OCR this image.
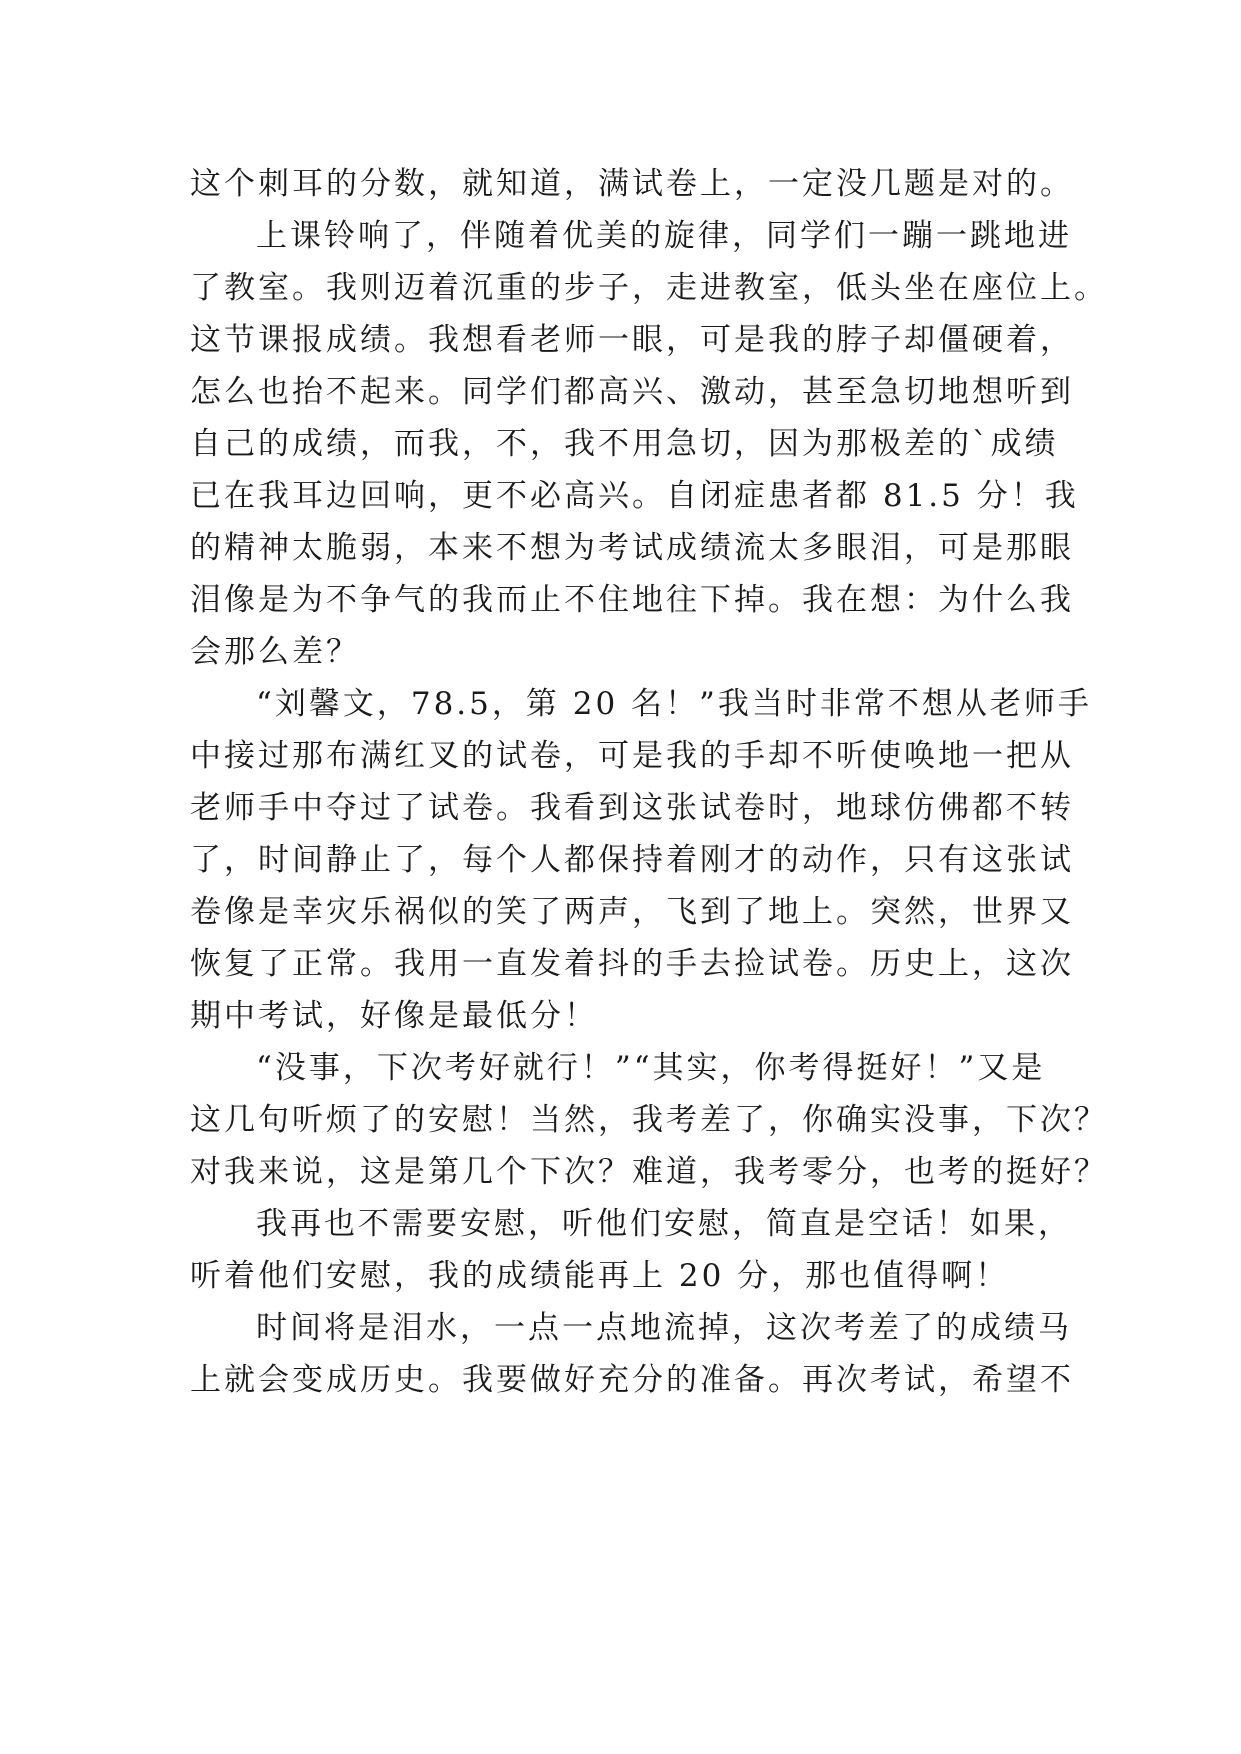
这个刺耳的分数，就知道，满试卷上，一定没几题是对的。
上课铃响了，伴随着优美的旋律，同学们一蹦一跳地进
了教室。我则迈着沉重的步子，走进教室，低头坐在座位上。
这节课报成绩。我想看老师一眼，可是我的脖子却僵硬着，
怎么也抬不起来。同学们都高兴、激动，甚至急切地想听到
自己的成绩，而我，不，我不用急切，因为那极差的`成绩
已在我耳边回响，更不必高兴。自闭症患者都 81.5 分！我
的精神太脆弱，本来不想为考试成绩流太多眼泪，可是那眼
泪像是为不争气的我而止不住地往下掉。我在想：为什么我
会那么差？
“刘馨文，78.5，第 20 名！”我当时非常不想从老师手
中接过那布满红叉的试卷，可是我的手却不听使唤地一把从
老师手中夺过了试卷。我看到这张试卷时，地球仿佛都不转
了，时间静止了，每个人都保持着刚才的动作，只有这张试
卷像是幸灾乐祸似的笑了两声，飞到了地上。突然，世界又
恢复了正常。我用一直发着抖的手去捡试卷。历史上，这次
期中考试，好像是最低分！
“没事，下次考好就行！”“其实，你考得挺好！”又是
这几句听烦了的安慰！当然，我考差了，你确实没事，下次？
对我来说，这是第几个下次？难道，我考零分，也考的挺好？
我再也不需要安慰，听他们安慰，简直是空话！如果，
听着他们安慰，我的成绩能再上 20 分，那也值得啊！
时间将是泪水，一点一点地流掉，这次考差了的成绩马
上就会变成历史。我要做好充分的准备。再次考试，希望不
